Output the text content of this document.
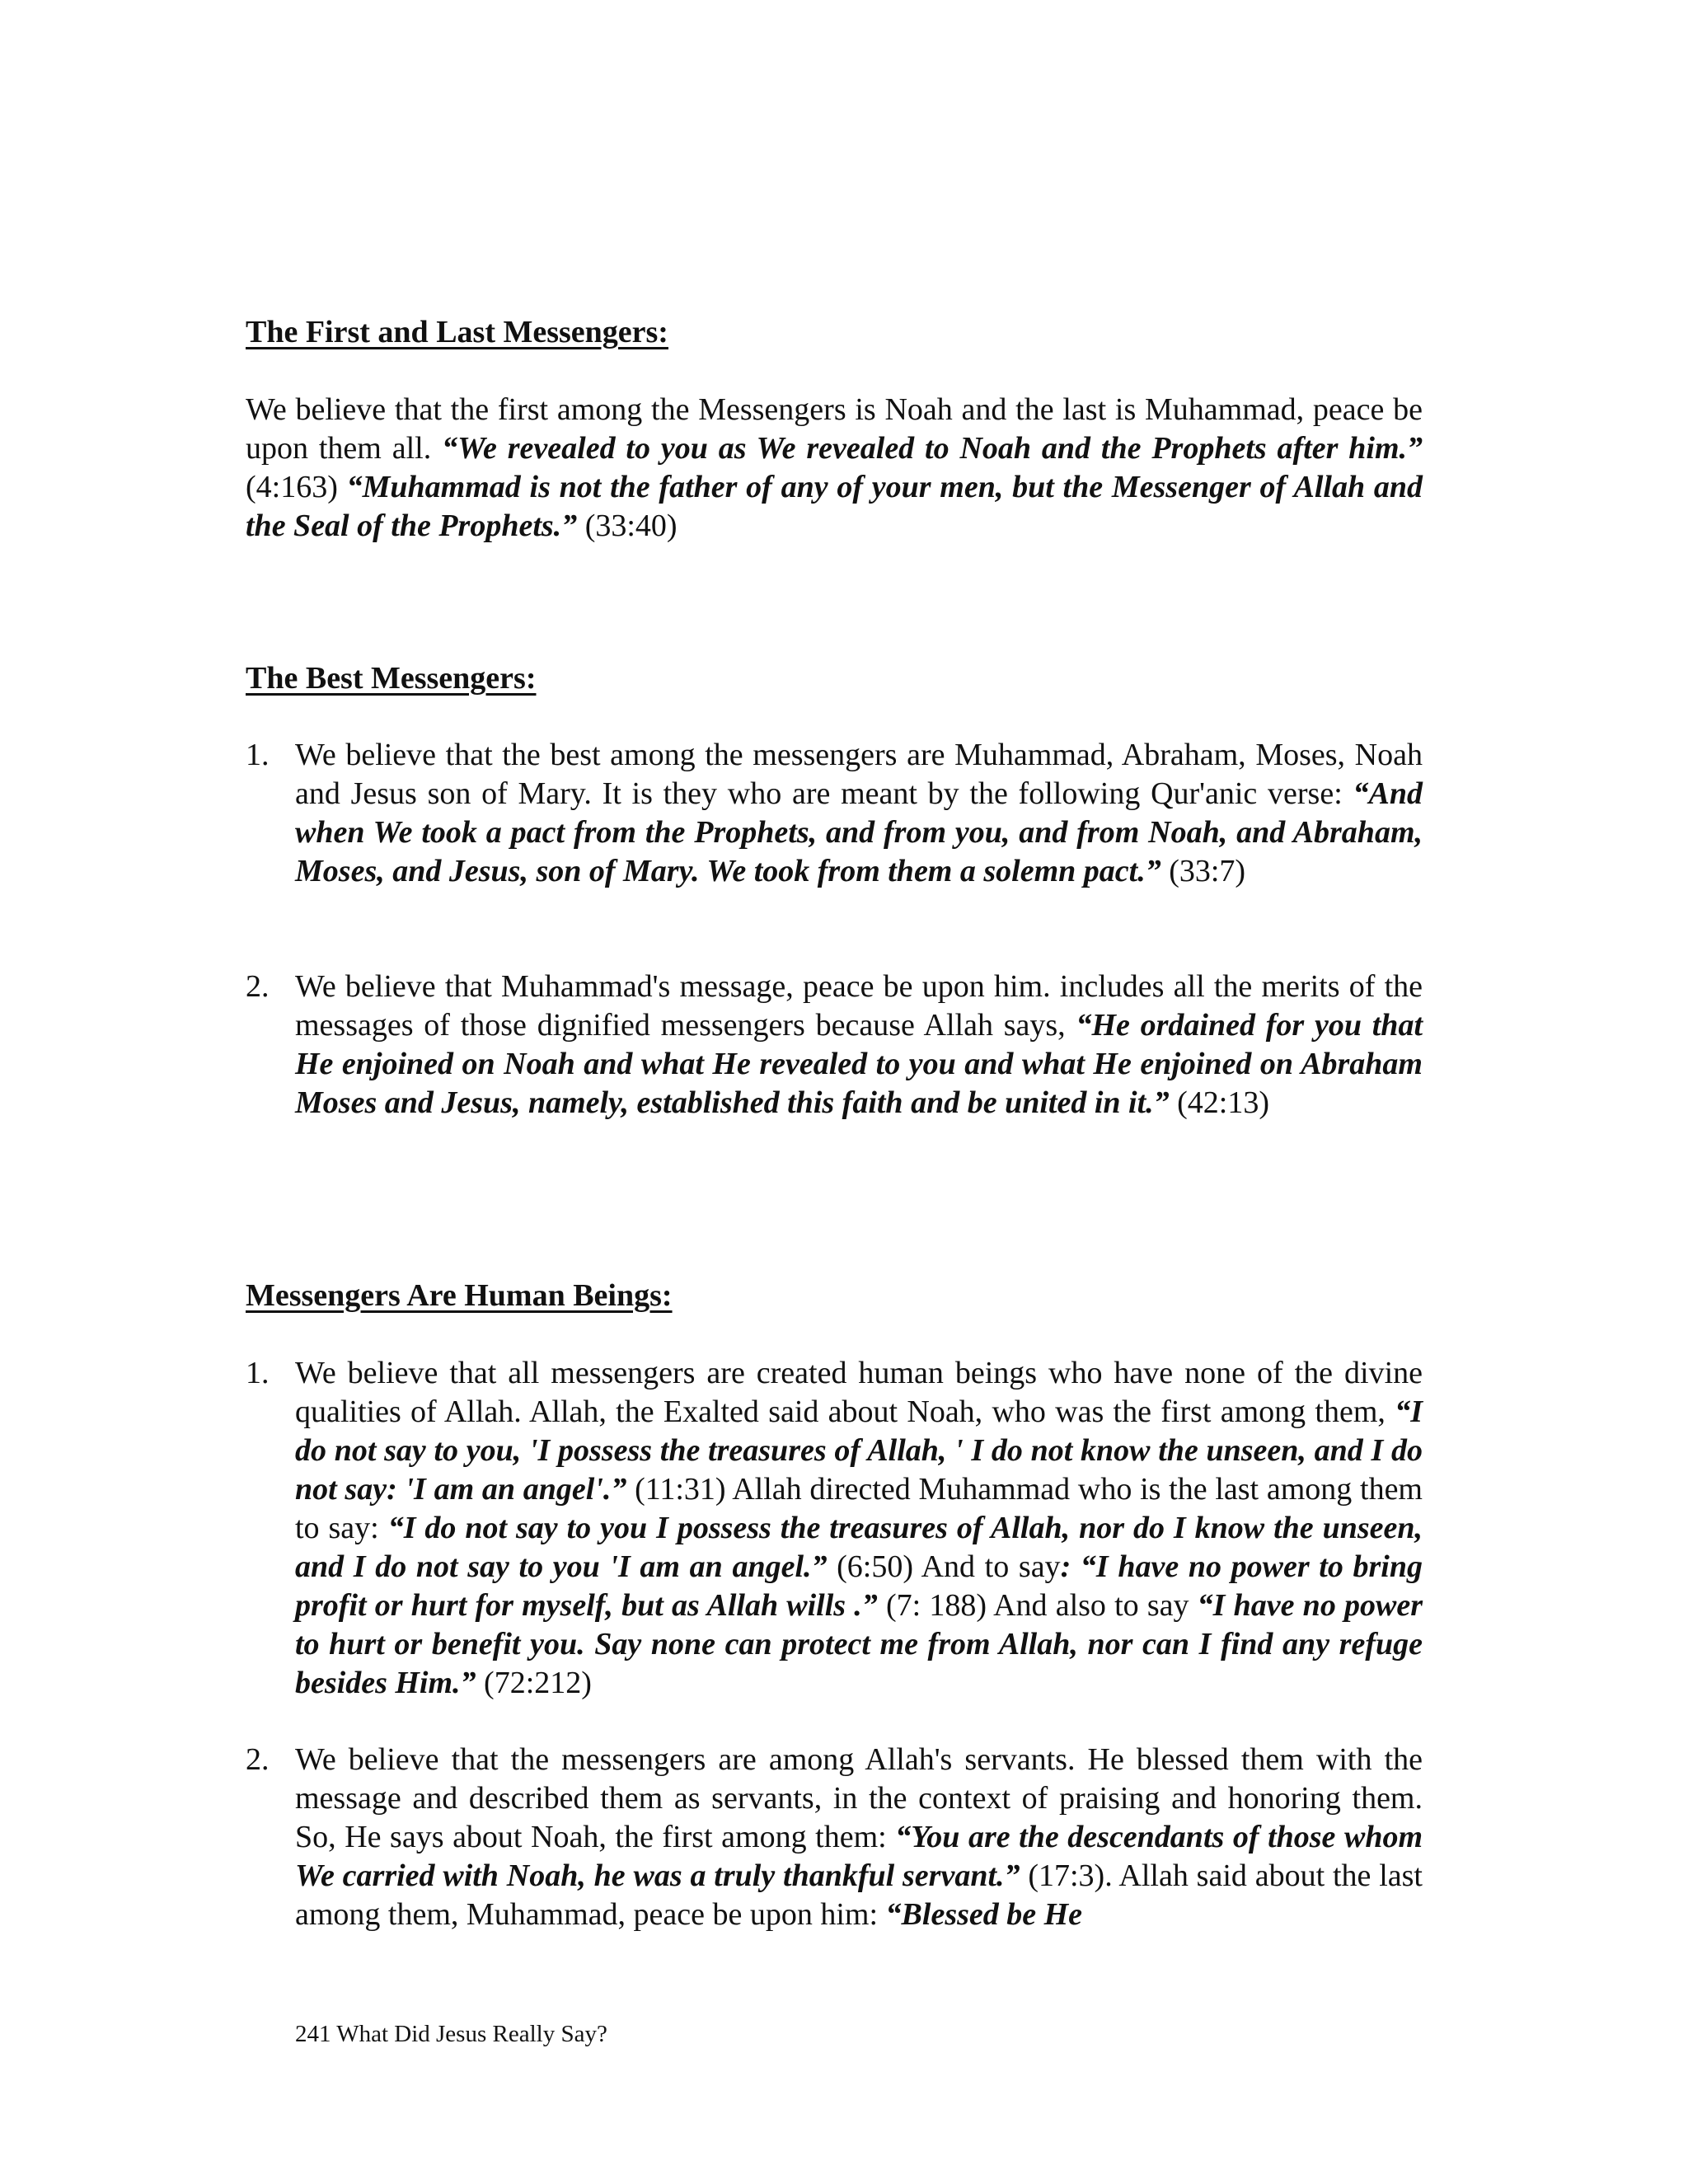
The First and Last Messengers:

We believe that the first among the Messengers is Noah and the last is Muhammad, peace be upon them all. “We revealed to you as We revealed to Noah and the Prophets after him.” (4:163) “Muhammad is not the father of any of your men, but the Messenger of Allah and the Seal of the Prophets.” (33:40)

The Best Messengers:
1. We believe that the best among the messengers are Muhammad, Abraham, Moses, Noah and Jesus son of Mary. It is they who are meant by the following Qur'anic verse: “And when We took a pact from the Prophets, and from you, and from Noah, and Abraham, Moses, and Jesus, son of Mary. We took from them a solemn pact.” (33:7)
2. We believe that Muhammad's message, peace be upon him. includes all the merits of the messages of those dignified messengers because Allah says, “He ordained for you that He enjoined on Noah and what He revealed to you and what He enjoined on Abraham Moses and Jesus, namely, established this faith and be united in it.” (42:13)
Messengers Are Human Beings:
1. We believe that all messengers are created human beings who have none of the divine qualities of Allah. Allah, the Exalted said about Noah, who was the first among them, “I do not say to you, 'I possess the treasures of Allah, ' I do not know the unseen, and I do not say: 'I am an angel'.” (11:31) Allah directed Muhammad who is the last among them to say: “I do not say to you I possess the treasures of Allah, nor do I know the unseen, and I do not say to you 'I am an angel.” (6:50) And to say: “I have no power to bring profit or hurt for myself, but as Allah wills .” (7: 188) And also to say “I have no power to hurt or benefit you. Say none can protect me from Allah, nor can I find any refuge besides Him.” (72:212)
2. We believe that the messengers are among Allah's servants. He blessed them with the message and described them as servants, in the context of praising and honoring them. So, He says about Noah, the first among them: “You are the descendants of those whom We carried with Noah, he was a truly thankful servant.” (17:3). Allah said about the last among them, Muhammad, peace be upon him: “Blessed be He
241 What Did Jesus Really Say?
